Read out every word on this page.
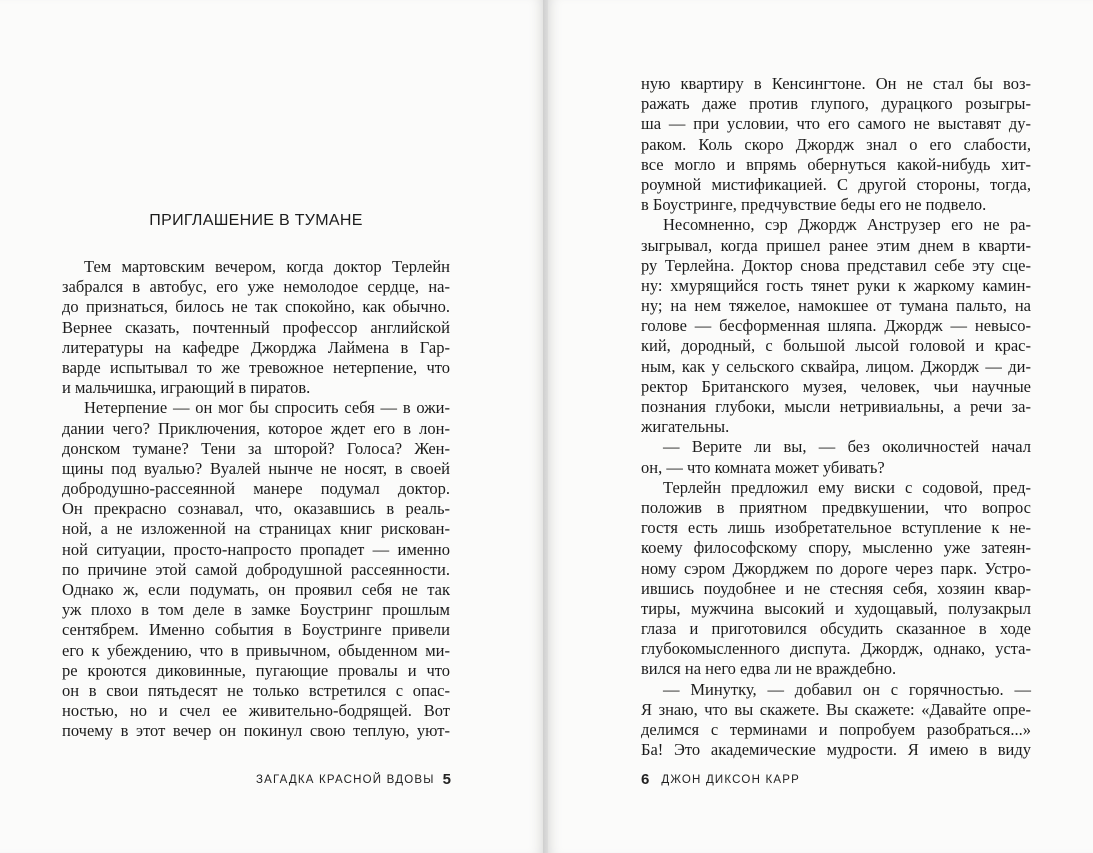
ПРИГЛАШЕНИЕ В ТУМАНЕ
Тем мартовским вечером, когда доктор Терлейн
забрался в автобус, его уже немолодое сердце, на-
до признаться, билось не так спокойно, как обычно.
Вернее сказать, почтенный профессор английской
литературы на кафедре Джорджа Лаймена в Гар-
варде испытывал то же тревожное нетерпение, что
и мальчишка, играющий в пиратов.
Нетерпение — он мог бы спросить себя — в ожи-
дании чего? Приключения, которое ждет его в лон-
донском тумане? Тени за шторой? Голоса? Жен-
щины под вуалью? Вуалей нынче не носят, в своей
добродушно-рассеянной манере подумал доктор.
Он прекрасно сознавал, что, оказавшись в реаль-
ной, а не изложенной на страницах книг рискован-
ной ситуации, просто-напросто пропадет — именно
по причине этой самой добродушной рассеянности.
Однако ж, если подумать, он проявил себя не так
уж плохо в том деле в замке Боустринг прошлым
сентябрем. Именно события в Боустринге привели
его к убеждению, что в привычном, обыденном ми-
ре кроются диковинные, пугающие провалы и что
он в свои пятьдесят не только встретился с опас-
ностью, но и счел ее живительно-бодрящей. Вот
почему в этот вечер он покинул свою теплую, уют-
ЗАГАДКА КРАСНОЙ ВДОВЫ 5
ную квартиру в Кенсингтоне. Он не стал бы воз-
ражать даже против глупого, дурацкого розыгры-
ша — при условии, что его самого не выставят ду-
раком. Коль скоро Джордж знал о его слабости,
все могло и впрямь обернуться какой-нибудь хит-
роумной мистификацией. С другой стороны, тогда,
в Боустринге, предчувствие беды его не подвело.
Несомненно, сэр Джордж Анструзер его не ра-
зыгрывал, когда пришел ранее этим днем в кварти-
ру Терлейна. Доктор снова представил себе эту сце-
ну: хмурящийся гость тянет руки к жаркому камин-
ну; на нем тяжелое, намокшее от тумана пальто, на
голове — бесформенная шляпа. Джордж — невысо-
кий, дородный, с большой лысой головой и крас-
ным, как у сельского сквайра, лицом. Джордж — ди-
ректор Британского музея, человек, чьи научные
познания глубоки, мысли нетривиальны, а речи за-
жигательны.
— Верите ли вы, — без околичностей начал
он, — что комната может убивать?
Терлейн предложил ему виски с содовой, пред-
положив в приятном предвкушении, что вопрос
гостя есть лишь изобретательное вступление к не-
коему философскому спору, мысленно уже затеян-
ному сэром Джорджем по дороге через парк. Устро-
ившись поудобнее и не стесняя себя, хозяин квар-
тиры, мужчина высокий и худощавый, полузакрыл
глаза и приготовился обсудить сказанное в ходе
глубокомысленного диспута. Джордж, однако, уста-
вился на него едва ли не враждебно.
— Минутку, — добавил он с горячностью. —
Я знаю, что вы скажете. Вы скажете: «Давайте опре-
делимся с терминами и попробуем разобраться...»
Ба! Это академические мудрости. Я имею в виду
6 ДЖОН ДИКСОН КАРР
